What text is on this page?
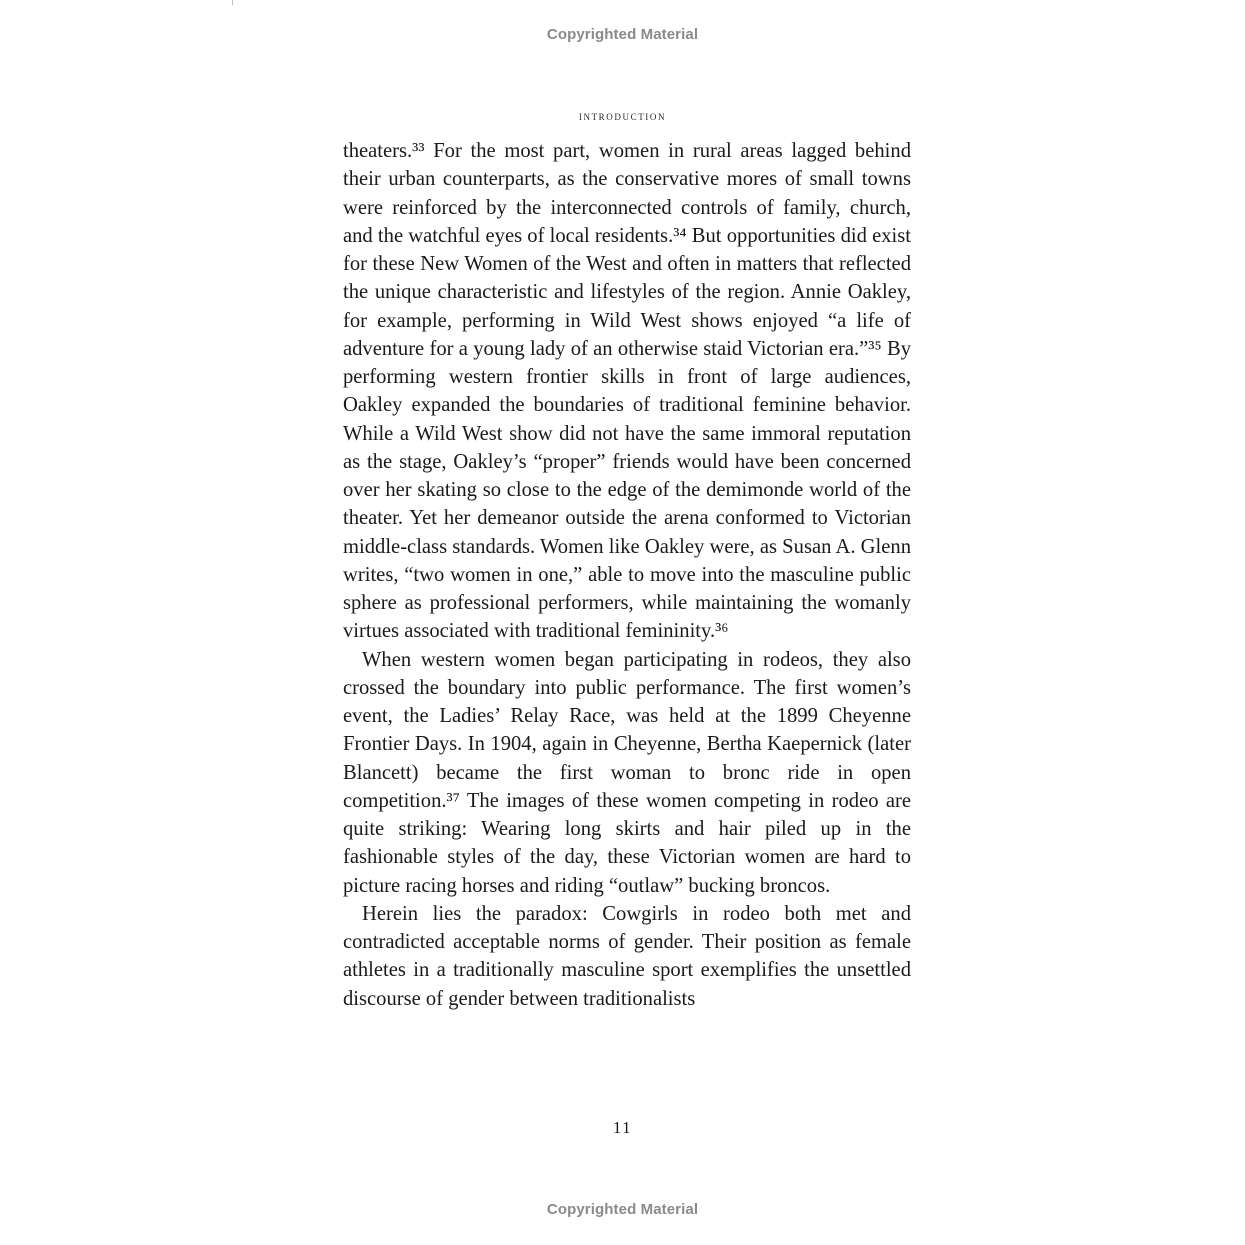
Copyrighted Material
introduction

theaters.³³ For the most part, women in rural areas lagged behind their urban counterparts, as the conservative mores of small towns were reinforced by the interconnected controls of family, church, and the watchful eyes of local residents.³⁴ But opportunities did exist for these New Women of the West and often in matters that reflected the unique characteristic and lifestyles of the region. Annie Oakley, for example, performing in Wild West shows enjoyed “a life of adventure for a young lady of an otherwise staid Victorian era.”³⁵ By performing western frontier skills in front of large audiences, Oakley expanded the boundaries of traditional feminine behavior. While a Wild West show did not have the same immoral reputation as the stage, Oakley’s “proper” friends would have been concerned over her skating so close to the edge of the demimonde world of the theater. Yet her demeanor outside the arena conformed to Victorian middle-class standards. Women like Oakley were, as Susan A. Glenn writes, “two women in one,” able to move into the masculine public sphere as professional performers, while maintaining the womanly virtues associated with traditional femininity.³⁶

When western women began participating in rodeos, they also crossed the boundary into public performance. The first women’s event, the Ladies’ Relay Race, was held at the 1899 Cheyenne Frontier Days. In 1904, again in Cheyenne, Bertha Kaepernick (later Blancett) became the first woman to bronc ride in open competition.³⁷ The images of these women competing in rodeo are quite striking: Wearing long skirts and hair piled up in the fashionable styles of the day, these Victorian women are hard to picture racing horses and riding “outlaw” bucking broncos.

Herein lies the paradox: Cowgirls in rodeo both met and contradicted acceptable norms of gender. Their position as female athletes in a traditionally masculine sport exemplifies the unsettled discourse of gender between traditionalists

11
Copyrighted Material
